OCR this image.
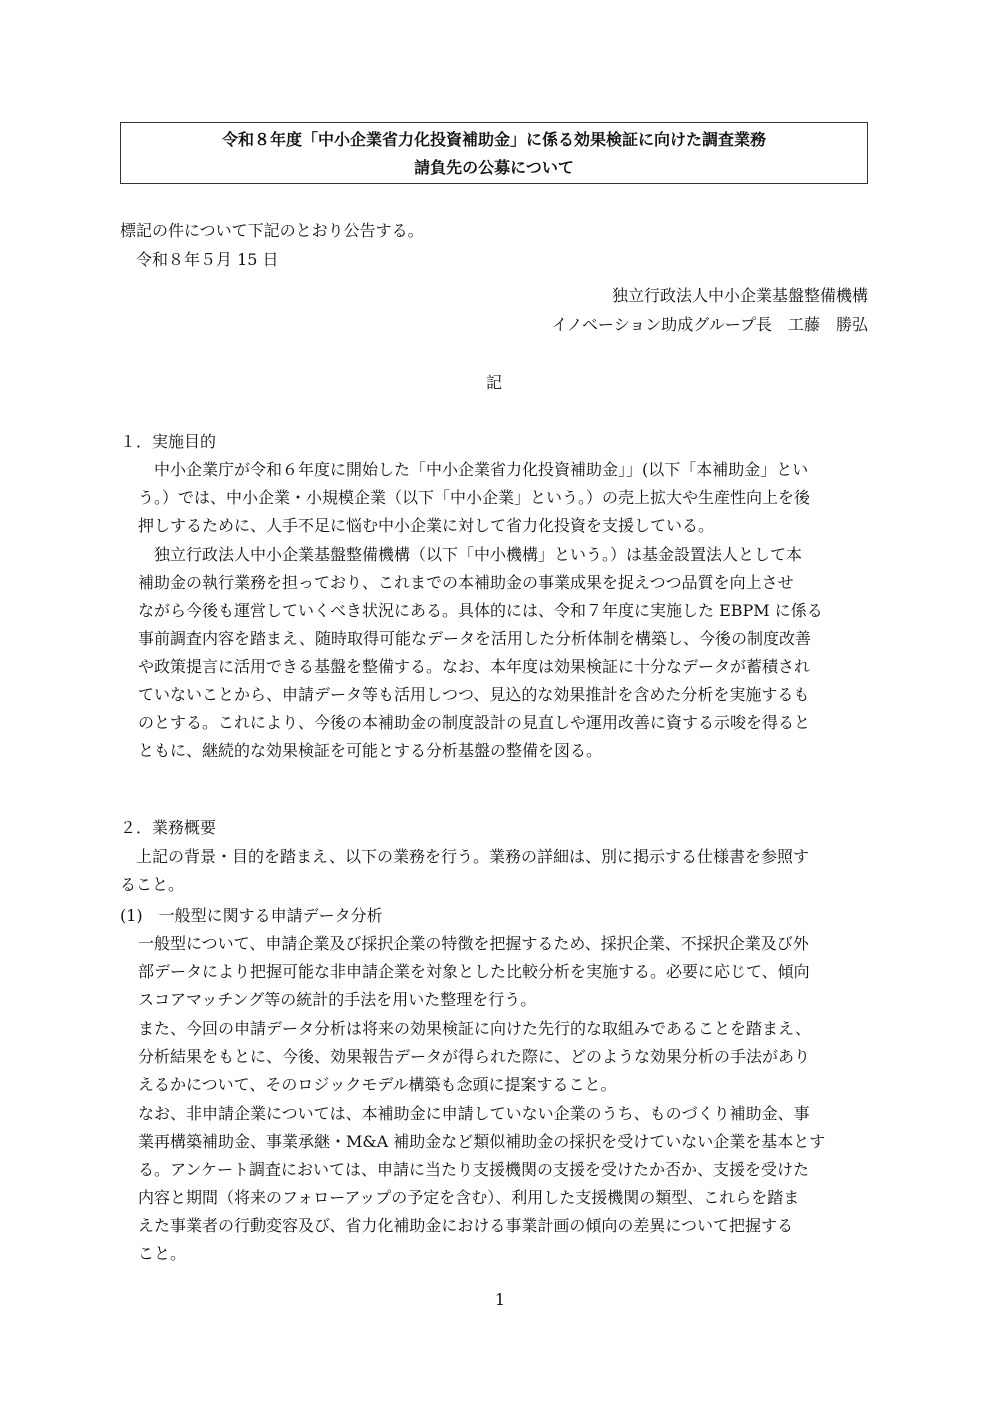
令和８年度「中小企業省力化投資補助金」に係る効果検証に向けた調査業務
請負先の公募について
標記の件について下記のとおり公告する。
令和８年５月 15 日
独立行政法人中小企業基盤整備機構
イノベーション助成グループ長　工藤　勝弘
記
１．実施目的
中小企業庁が令和６年度に開始した「中小企業省力化投資補助金」」(以下「本補助金」とい
う。）では、中小企業・小規模企業（以下「中小企業」という。）の売上拡大や生産性向上を後
押しするために、人手不足に悩む中小企業に対して省力化投資を支援している。
独立行政法人中小企業基盤整備機構（以下「中小機構」という。）は基金設置法人として本
補助金の執行業務を担っており、これまでの本補助金の事業成果を捉えつつ品質を向上させ
ながら今後も運営していくべき状況にある。具体的には、令和７年度に実施した EBPM に係る
事前調査内容を踏まえ、随時取得可能なデータを活用した分析体制を構築し、今後の制度改善
や政策提言に活用できる基盤を整備する。なお、本年度は効果検証に十分なデータが蓄積され
ていないことから、申請データ等も活用しつつ、見込的な効果推計を含めた分析を実施するも
のとする。これにより、今後の本補助金の制度設計の見直しや運用改善に資する示唆を得ると
ともに、継続的な効果検証を可能とする分析基盤の整備を図る。
２．業務概要
上記の背景・目的を踏まえ、以下の業務を行う。業務の詳細は、別に掲示する仕様書を参照す
ること。
(1)　一般型に関する申請データ分析
一般型について、申請企業及び採択企業の特徴を把握するため、採択企業、不採択企業及び外
部データにより把握可能な非申請企業を対象とした比較分析を実施する。必要に応じて、傾向
スコアマッチング等の統計的手法を用いた整理を行う。
また、今回の申請データ分析は将来の効果検証に向けた先行的な取組みであることを踏まえ、
分析結果をもとに、今後、効果報告データが得られた際に、どのような効果分析の手法があり
えるかについて、そのロジックモデル構築も念頭に提案すること。
なお、非申請企業については、本補助金に申請していない企業のうち、ものづくり補助金、事
業再構築補助金、事業承継・M&A 補助金など類似補助金の採択を受けていない企業を基本とす
る。アンケート調査においては、申請に当たり支援機関の支援を受けたか否か、支援を受けた
内容と期間（将来のフォローアップの予定を含む）、利用した支援機関の類型、これらを踏ま
えた事業者の行動変容及び、省力化補助金における事業計画の傾向の差異について把握する
こと。
1
